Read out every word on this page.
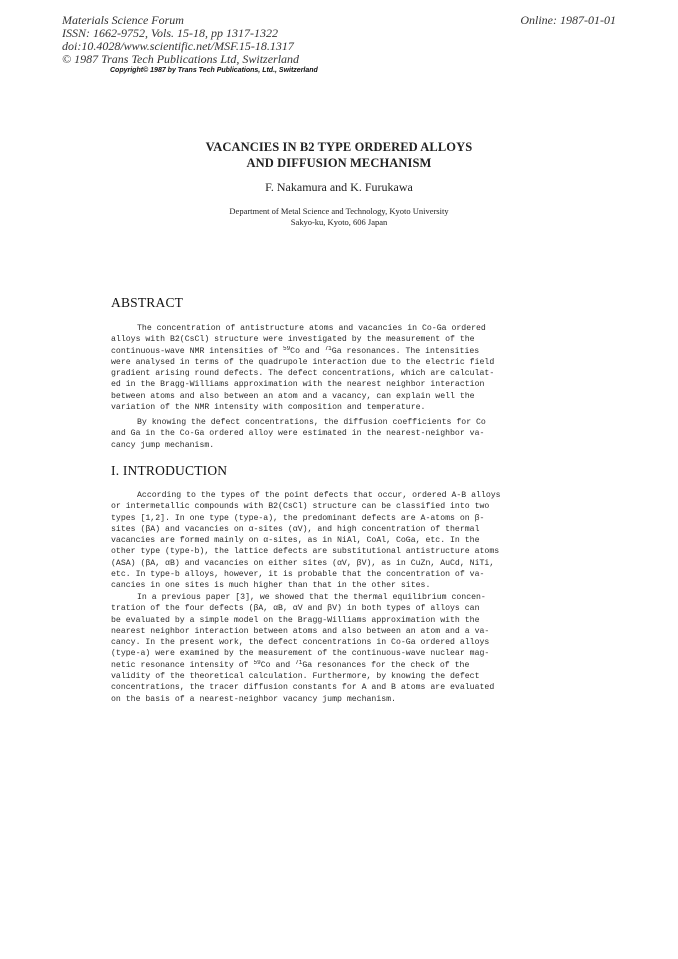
Materials Science Forum
ISSN: 1662-9752, Vols. 15-18, pp 1317-1322
doi:10.4028/www.scientific.net/MSF.15-18.1317
© 1987 Trans Tech Publications Ltd, Switzerland
Online: 1987-01-01
Copyright© 1987 by Trans Tech Publications, Ltd., Switzerland
VACANCIES IN B2 TYPE ORDERED ALLOYS
AND DIFFUSION MECHANISM
F. Nakamura and K. Furukawa
Department of Metal Science and Technology, Kyoto University
Sakyo-ku, Kyoto, 606 Japan
ABSTRACT
The concentration of antistructure atoms and vacancies in Co-Ga ordered
alloys with B2(CsCl) structure were investigated by the measurement of the
continuous-wave NMR intensities of $^{59}$Co and $^{71}$Ga resonances. The intensities
were analysed in terms of the quadrupole interaction due to the electric field
gradient arising round defects. The defect concentrations, which are calculat-
ed in the Bragg-Williams approximation with the nearest neighbor interaction
between atoms and also between an atom and a vacancy, can explain well the
variation of the NMR intensity with composition and temperature.
By knowing the defect concentrations, the diffusion coefficients for Co
and Ga in the Co-Ga ordered alloy were estimated in the nearest-neighbor va-
cancy jump mechanism.
I. INTRODUCTION
According to the types of the point defects that occur, ordered A-B alloys
or intermetallic compounds with B2(CsCl) structure can be classified into two
types [1,2]. In one type (type-a), the predominant defects are A-atoms on β-
sites (βA) and vacancies on α-sites (αV), and high concentration of thermal
vacancies are formed mainly on α-sites, as in NiAl, CoAl, CoGa, etc. In the
other type (type-b), the lattice defects are substitutional antistructure atoms
(ASA) (βA, αB) and vacancies on either sites (αV, βV), as in CuZn, AuCd, NiTi,
etc. In type-b alloys, however, it is probable that the concentration of va-
cancies in one sites is much higher than that in the other sites.
In a previous paper [3], we showed that the thermal equilibrium concen-
tration of the four defects (βA, αB, αV and βV) in both types of alloys can
be evaluated by a simple model on the Bragg-Williams approximation with the
nearest neighbor interaction between atoms and also between an atom and a va-
cancy. In the present work, the defect concentrations in Co-Ga ordered alloys
(type-a) were examined by the measurement of the continuous-wave nuclear mag-
netic resonance intensity of $^{59}$Co and $^{71}$Ga resonances for the check of the
validity of the theoretical calculation. Furthermore, by knowing the defect
concentrations, the tracer diffusion constants for A and B atoms are evaluated
on the basis of a nearest-neighbor vacancy jump mechanism.
